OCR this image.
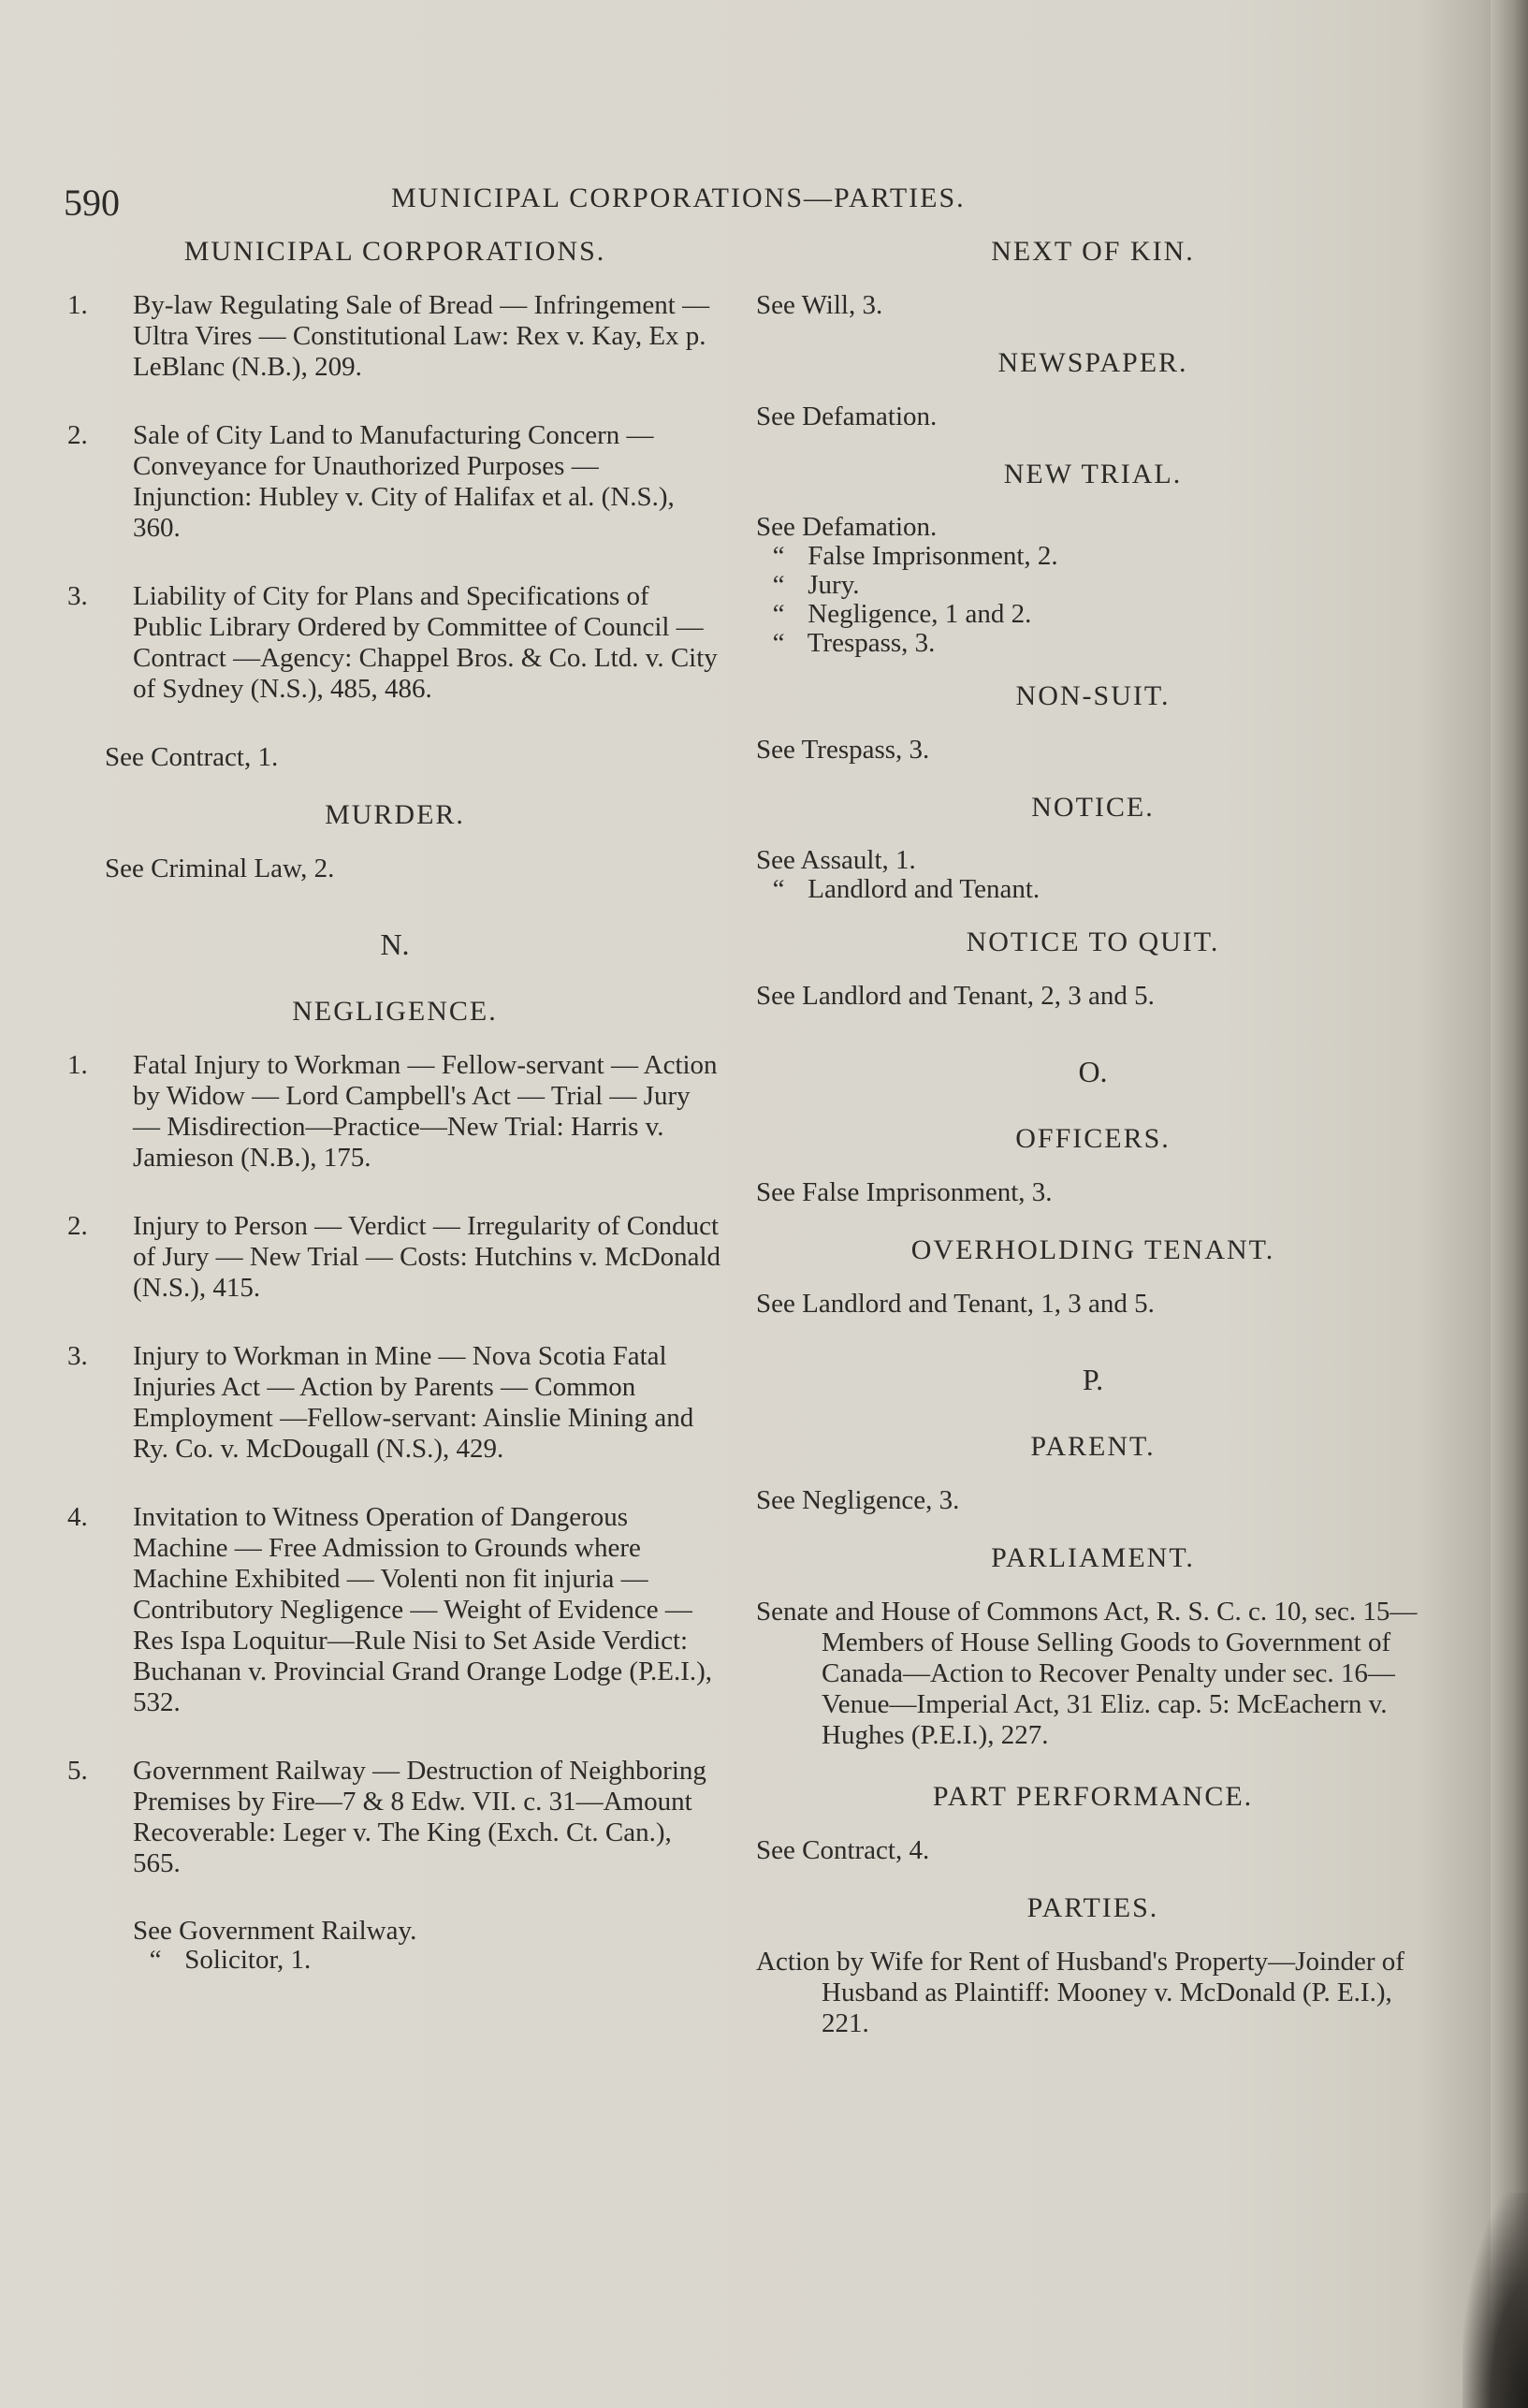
590	MUNICIPAL CORPORATIONS—PARTIES.
MUNICIPAL CORPORATIONS.
1. By-law Regulating Sale of Bread — Infringement — Ultra Vires — Constitutional Law: Rex v. Kay, Ex p. LeBlanc (N.B.), 209.
2. Sale of City Land to Manufacturing Concern — Conveyance for Unauthorized Purposes — Injunction: Hubley v. City of Halifax et al. (N.S.), 360.
3. Liability of City for Plans and Specifications of Public Library Ordered by Committee of Council — Contract —Agency: Chappel Bros. & Co. Ltd. v. City of Sydney (N.S.), 485, 486.
See Contract, 1.
MURDER.
See Criminal Law, 2.
N.
NEGLIGENCE.
1. Fatal Injury to Workman — Fellow-servant — Action by Widow — Lord Campbell's Act — Trial — Jury — Misdirection—Practice—New Trial: Harris v. Jamieson (N.B.), 175.
2. Injury to Person — Verdict — Irregularity of Conduct of Jury — New Trial — Costs: Hutchins v. McDonald (N.S.), 415.
3. Injury to Workman in Mine — Nova Scotia Fatal Injuries Act — Action by Parents — Common Employment —Fellow-servant: Ainslie Mining and Ry. Co. v. McDougall (N.S.), 429.
4. Invitation to Witness Operation of Dangerous Machine — Free Admission to Grounds where Machine Exhibited — Volenti non fit injuria — Contributory Negligence — Weight of Evidence — Res Ispa Loquitur—Rule Nisi to Set Aside Verdict: Buchanan v. Provincial Grand Orange Lodge (P.E.I.), 532.
5. Government Railway — Destruction of Neighboring Premises by Fire—7 & 8 Edw. VII. c. 31—Amount Recoverable: Leger v. The King (Exch. Ct. Can.), 565.
See Government Railway.
“ Solicitor, 1.
NEXT OF KIN.
See Will, 3.
NEWSPAPER.
See Defamation.
NEW TRIAL.
See Defamation.
“ False Imprisonment, 2.
“ Jury.
“ Negligence, 1 and 2.
“ Trespass, 3.
NON-SUIT.
See Trespass, 3.
NOTICE.
See Assault, 1.
“ Landlord and Tenant.
NOTICE TO QUIT.
See Landlord and Tenant, 2, 3 and 5.
O.
OFFICERS.
See False Imprisonment, 3.
OVERHOLDING TENANT.
See Landlord and Tenant, 1, 3 and 5.
P.
PARENT.
See Negligence, 3.
PARLIAMENT.
Senate and House of Commons Act, R. S. C. c. 10, sec. 15—Members of House Selling Goods to Government of Canada—Action to Recover Penalty under sec. 16—Venue—Imperial Act, 31 Eliz. cap. 5: McEachern v. Hughes (P.E.I.), 227.
PART PERFORMANCE.
See Contract, 4.
PARTIES.
Action by Wife for Rent of Husband's Property—Joinder of Husband as Plaintiff: Mooney v. McDonald (P. E.I.), 221.
